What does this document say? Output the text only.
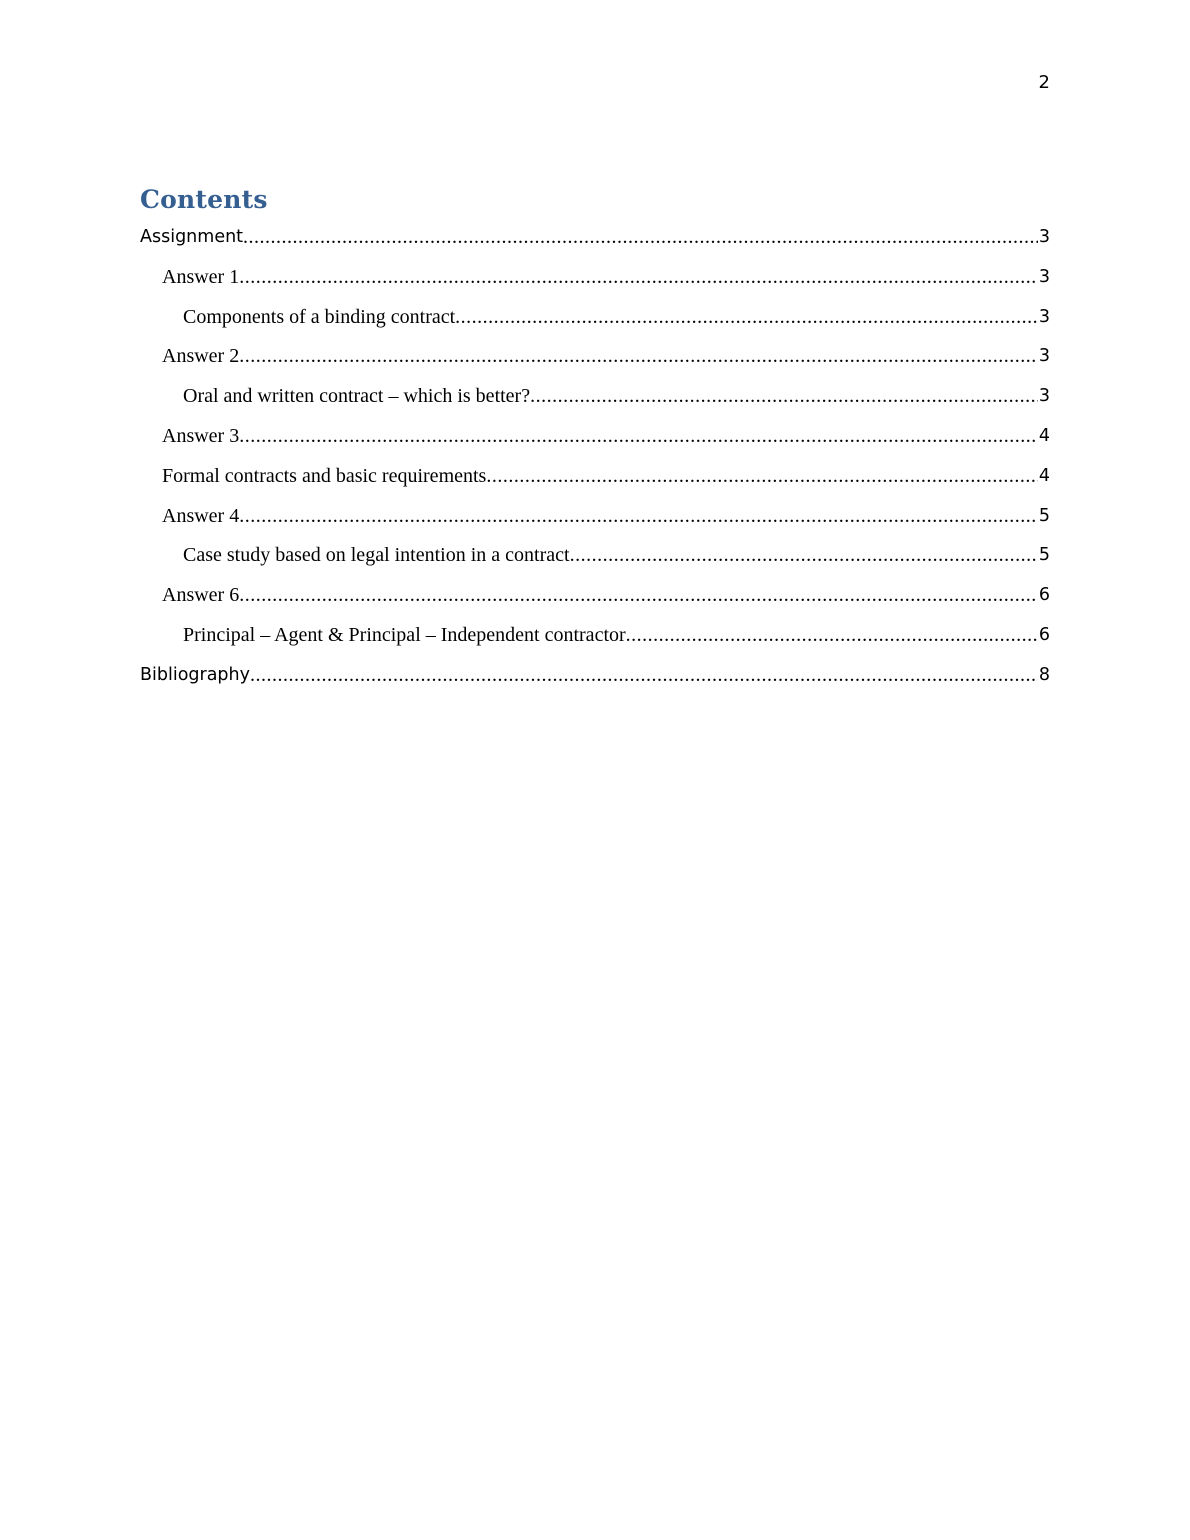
2
Contents
Assignment .....	3
Answer 1 .....	3
Components of a binding contract .....	3
Answer 2 .....	3
Oral and written contract – which is better? .....	3
Answer 3 .....	4
Formal contracts and basic requirements .....	4
Answer 4 .....	5
Case study based on legal intention in a contract .....	5
Answer 6 .....	6
Principal – Agent & Principal – Independent contractor .....	6
Bibliography .....	8
